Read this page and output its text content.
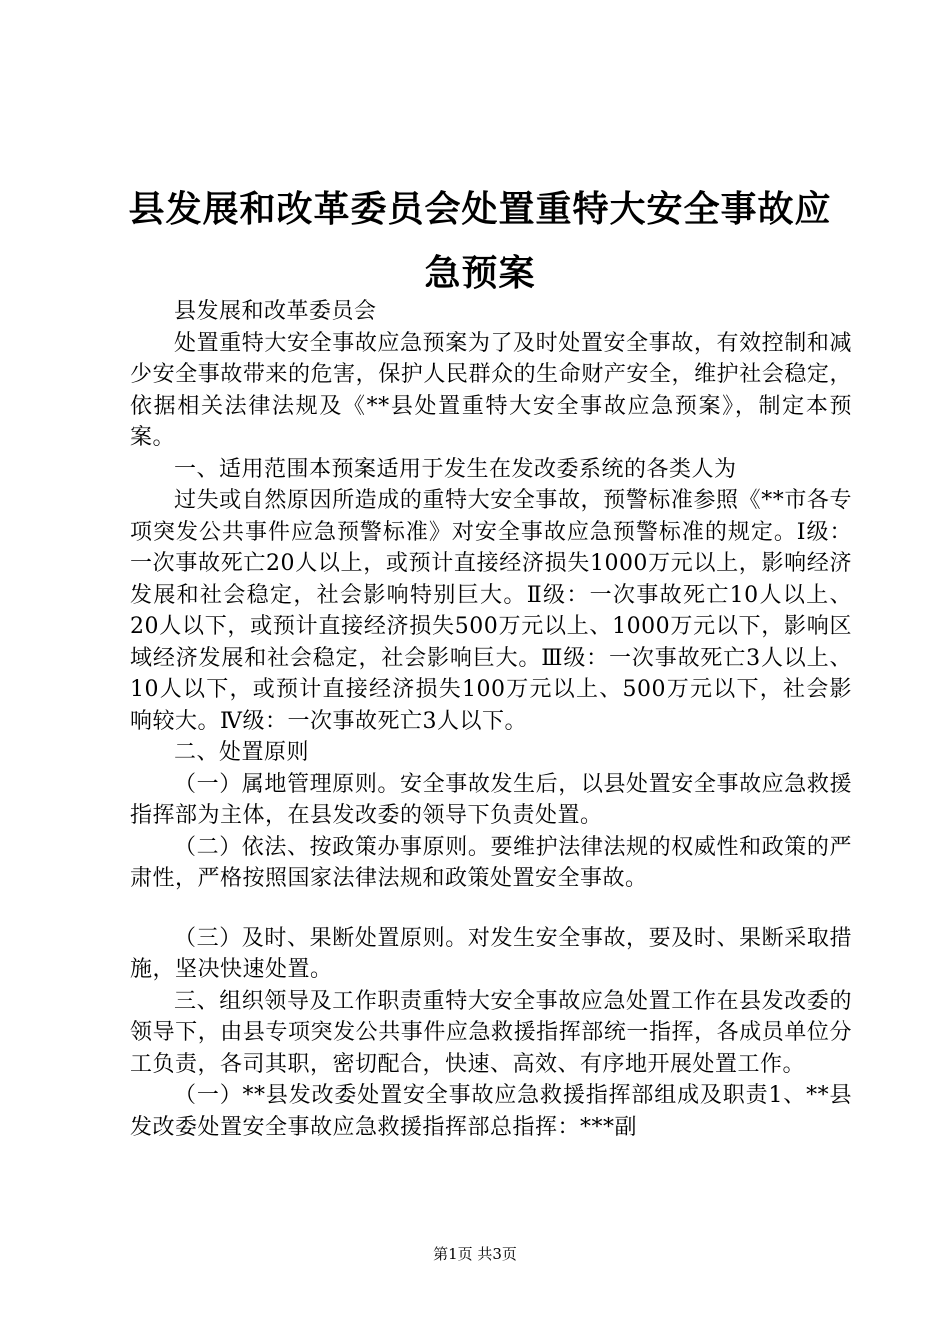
县发展和改革委员会处置重特大安全事故应急预案

县发展和改革委员会

处置重特大安全事故应急预案为了及时处置安全事故，有效控制和减少安全事故带来的危害，保护人民群众的生命财产安全，维护社会稳定，依据相关法律法规及《**县处置重特大安全事故应急预案》，制定本预案。

一、适用范围本预案适用于发生在发改委系统的各类人为

过失或自然原因所造成的重特大安全事故，预警标准参照《**市各专项突发公共事件应急预警标准》对安全事故应急预警标准的规定。Ⅰ级：一次事故死亡20人以上，或预计直接经济损失1000万元以上，影响经济发展和社会稳定，社会影响特别巨大。Ⅱ级：一次事故死亡10人以上、20人以下，或预计直接经济损失500万元以上、1000万元以下，影响区域经济发展和社会稳定，社会影响巨大。Ⅲ级：一次事故死亡3人以上、10人以下，或预计直接经济损失100万元以上、500万元以下，社会影响较大。Ⅳ级：一次事故死亡3人以下。

二、处置原则

（一）属地管理原则。安全事故发生后，以县处置安全事故应急救援指挥部为主体，在县发改委的领导下负责处置。

（二）依法、按政策办事原则。要维护法律法规的权威性和政策的严肃性，严格按照国家法律法规和政策处置安全事故。

（三）及时、果断处置原则。对发生安全事故，要及时、果断采取措施，坚决快速处置。

三、组织领导及工作职责重特大安全事故应急处置工作在县发改委的领导下，由县专项突发公共事件应急救援指挥部统一指挥，各成员单位分工负责，各司其职，密切配合，快速、高效、有序地开展处置工作。

（一）**县发改委处置安全事故应急救援指挥部组成及职责1、**县发改委处置安全事故应急救援指挥部总指挥：***副

第1页 共3页
